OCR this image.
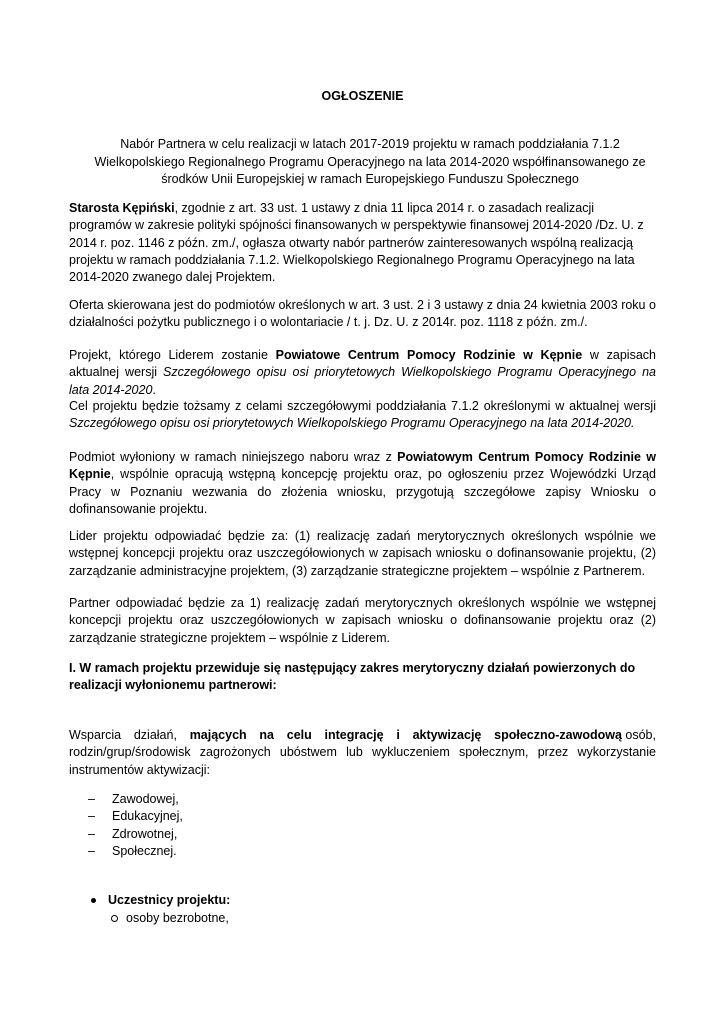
OGŁOSZENIE
Nabór Partnera w celu realizacji w latach 2017-2019 projektu w ramach poddziałania 7.1.2 Wielkopolskiego Regionalnego Programu Operacyjnego na lata 2014-2020 współfinansowanego ze środków Unii Europejskiej w ramach Europejskiego Funduszu Społecznego

Starosta Kępiński, zgodnie z art. 33 ust. 1 ustawy z dnia 11 lipca 2014 r. o zasadach realizacji programów w zakresie polityki spójności finansowanych w perspektywie finansowej 2014-2020 /Dz. U. z 2014 r. poz. 1146 z późn. zm./, ogłasza otwarty nabór partnerów zainteresowanych wspólną realizacją projektu w ramach poddziałania 7.1.2. Wielkopolskiego Regionalnego Programu Operacyjnego na lata 2014-2020 zwanego dalej Projektem.

Oferta skierowana jest do podmiotów określonych w art. 3 ust. 2 i 3 ustawy z dnia 24 kwietnia 2003 roku o działalności pożytku publicznego i o wolontariacie / t. j. Dz. U. z 2014r. poz. 1118 z późn. zm./.

Projekt, którego Liderem zostanie Powiatowe Centrum Pomocy Rodzinie w Kępnie w zapisach aktualnej wersji Szczegółowego opisu osi priorytetowych Wielkopolskiego Programu Operacyjnego na lata 2014-2020.

Cel projektu będzie tożsamy z celami szczegółowymi poddziałania 7.1.2 określonymi w aktualnej wersji Szczegółowego opisu osi priorytetowych Wielkopolskiego Programu Operacyjnego na lata 2014-2020.

Podmiot wyłoniony w ramach niniejszego naboru wraz z Powiatowym Centrum Pomocy Rodzinie w Kępnie, wspólnie opracują wstępną koncepcję projektu oraz, po ogłoszeniu przez Wojewódzki Urząd Pracy w Poznaniu wezwania do złożenia wniosku, przygotują szczegółowe zapisy Wniosku o dofinansowanie projektu.

Lider projektu odpowiadać będzie za: (1) realizację zadań merytorycznych określonych wspólnie we wstępnej koncepcji projektu oraz uszczegółowionych w zapisach wniosku o dofinansowanie projektu, (2) zarządzanie administracyjne projektem, (3) zarządzanie strategiczne projektem – wspólnie z Partnerem.

Partner odpowiadać będzie za 1) realizację zadań merytorycznych określonych wspólnie we wstępnej koncepcji projektu oraz uszczegółowionych w zapisach wniosku o dofinansowanie projektu oraz (2) zarządzanie strategiczne projektem – wspólnie z Liderem.

I. W ramach projektu przewiduje się następujący zakres merytoryczny działań powierzonych do realizacji wyłonionemu partnerowi:

Wsparcia działań, mających na celu integrację i aktywizację społeczno-zawodową osób,
rodzin/grup/środowisk zagrożonych ubóstwem lub wykluczeniem społecznym, przez wykorzystanie instrumentów aktywizacji:
–	Zawodowej,
–	Edukacyjnej,
–	Zdrowotnej,
–	Społecznej.
Uczestnicy projektu:
osoby bezrobotne,
